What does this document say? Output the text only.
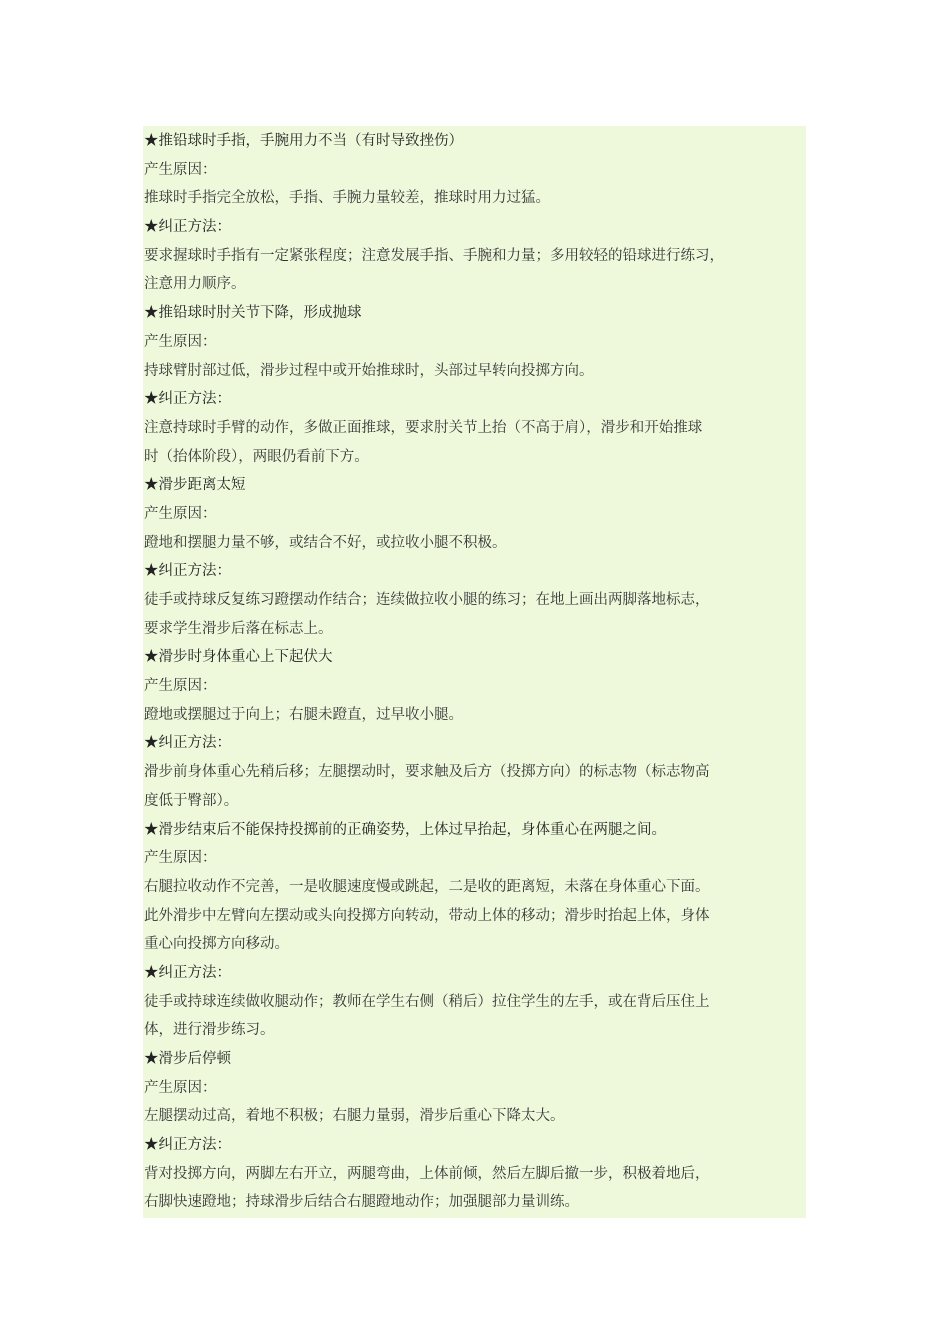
★推铅球时手指，手腕用力不当（有时导致挫伤）
产生原因：
推球时手指完全放松，手指、手腕力量较差，推球时用力过猛。
★纠正方法：
要求握球时手指有一定紧张程度；注意发展手指、手腕和力量；多用较轻的铅球进行练习，
注意用力顺序。
★推铅球时肘关节下降，形成抛球
产生原因：
持球臂肘部过低，滑步过程中或开始推球时，头部过早转向投掷方向。
★纠正方法：
注意持球时手臂的动作，多做正面推球，要求肘关节上抬（不高于肩），滑步和开始推球
时（抬体阶段），两眼仍看前下方。
★滑步距离太短
产生原因：
蹬地和摆腿力量不够，或结合不好，或拉收小腿不积极。
★纠正方法：
徒手或持球反复练习蹬摆动作结合；连续做拉收小腿的练习；在地上画出两脚落地标志，
要求学生滑步后落在标志上。
★滑步时身体重心上下起伏大
产生原因：
蹬地或摆腿过于向上；右腿未蹬直，过早收小腿。
★纠正方法：
滑步前身体重心先稍后移；左腿摆动时，要求触及后方（投掷方向）的标志物（标志物高
度低于臀部）。
★滑步结束后不能保持投掷前的正确姿势，上体过早抬起，身体重心在两腿之间。
产生原因：
右腿拉收动作不完善，一是收腿速度慢或跳起，二是收的距离短，未落在身体重心下面。
此外滑步中左臂向左摆动或头向投掷方向转动，带动上体的移动；滑步时抬起上体，身体
重心向投掷方向移动。
★纠正方法：
徒手或持球连续做收腿动作；教师在学生右侧（稍后）拉住学生的左手，或在背后压住上
体，进行滑步练习。
★滑步后停顿
产生原因：
左腿摆动过高，着地不积极；右腿力量弱，滑步后重心下降太大。
★纠正方法：
背对投掷方向，两脚左右开立，两腿弯曲，上体前倾，然后左脚后撤一步，积极着地后，
右脚快速蹬地；持球滑步后结合右腿蹬地动作；加强腿部力量训练。
